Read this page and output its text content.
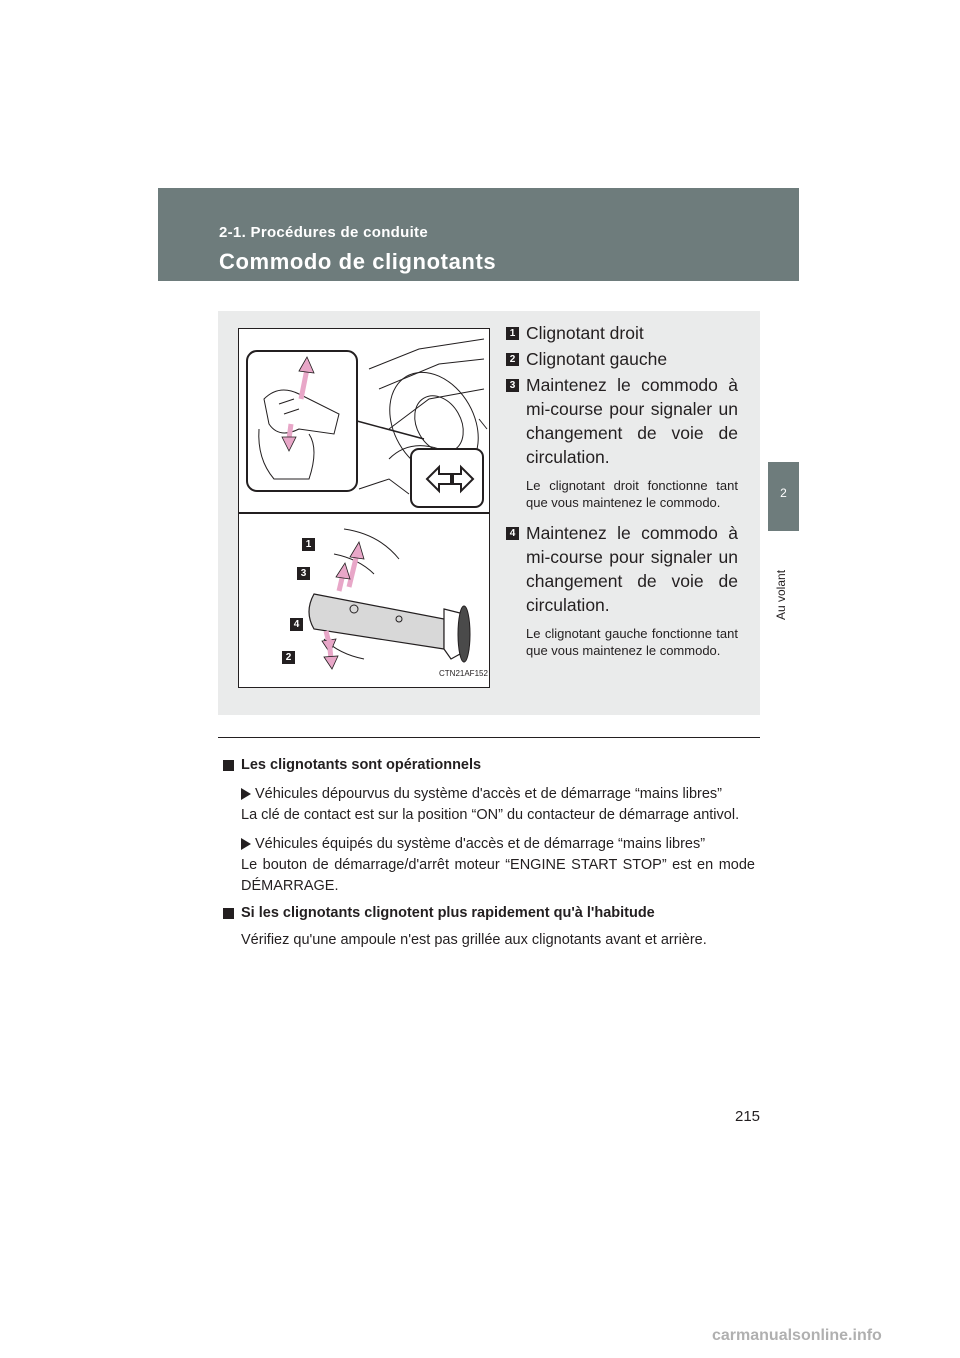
2-1. Procédures de conduite
Commodo de clignotants
2
Au volant
1
3
4
2
CTN21AF152
1 Clignotant droit
2 Clignotant gauche
3 Maintenez le commodo à mi-course pour signaler un changement de voie de circulation.
Le clignotant droit fonctionne tant que vous maintenez le commodo.
4 Maintenez le commodo à mi-course pour signaler un changement de voie de circulation.
Le clignotant gauche fonctionne tant que vous maintenez le commodo.
Les clignotants sont opérationnels
Véhicules dépourvus du système d'accès et de démarrage “mains libres”
La clé de contact est sur la position “ON” du contacteur de démarrage antivol.
Véhicules équipés du système d'accès et de démarrage “mains libres”
Le bouton de démarrage/d'arrêt moteur “ENGINE START STOP” est en mode DÉMARRAGE.
Si les clignotants clignotent plus rapidement qu'à l'habitude
Vérifiez qu'une ampoule n'est pas grillée aux clignotants avant et arrière.
215
carmanualsonline.info
